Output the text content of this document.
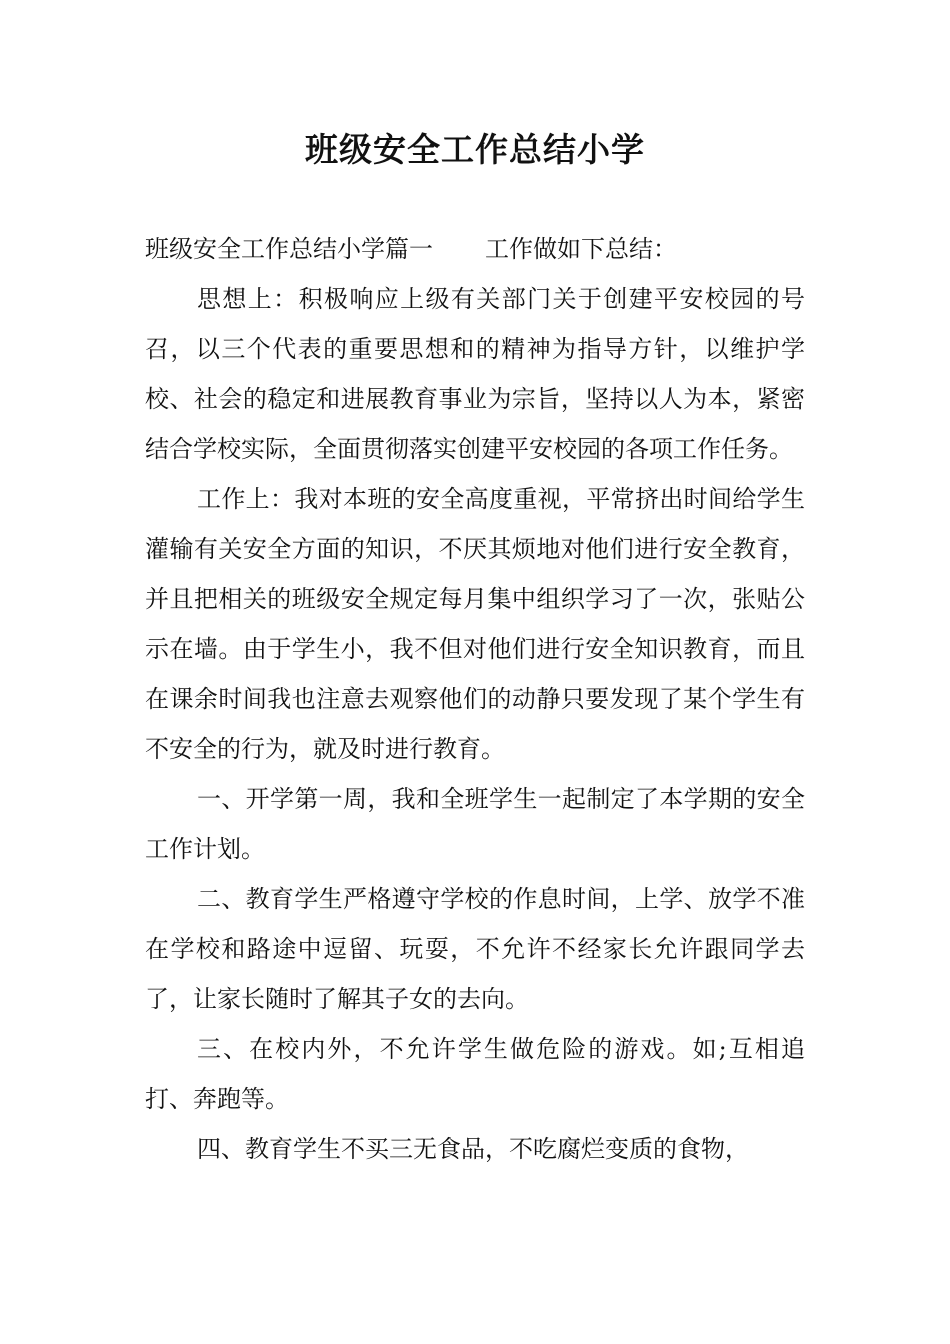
班级安全工作总结小学

班级安全工作总结小学篇一 工作做如下总结：

思想上：积极响应上级有关部门关于创建平安校园的号召，以三个代表的重要思想和的精神为指导方针，以维护学校、社会的稳定和进展教育事业为宗旨，坚持以人为本，紧密结合学校实际，全面贯彻落实创建平安校园的各项工作任务。

工作上：我对本班的安全高度重视，平常挤出时间给学生灌输有关安全方面的知识，不厌其烦地对他们进行安全教育，并且把相关的班级安全规定每月集中组织学习了一次，张贴公示在墙。由于学生小，我不但对他们进行安全知识教育，而且在课余时间我也注意去观察他们的动静只要发现了某个学生有不安全的行为，就及时进行教育。

一、开学第一周，我和全班学生一起制定了本学期的安全工作计划。

二、教育学生严格遵守学校的作息时间，上学、放学不准在学校和路途中逗留、玩耍，不允许不经家长允许跟同学去了，让家长随时了解其子女的去向。

三、在校内外，不允许学生做危险的游戏。如;互相追打、奔跑等。

四、教育学生不买三无食品，不吃腐烂变质的食物，
